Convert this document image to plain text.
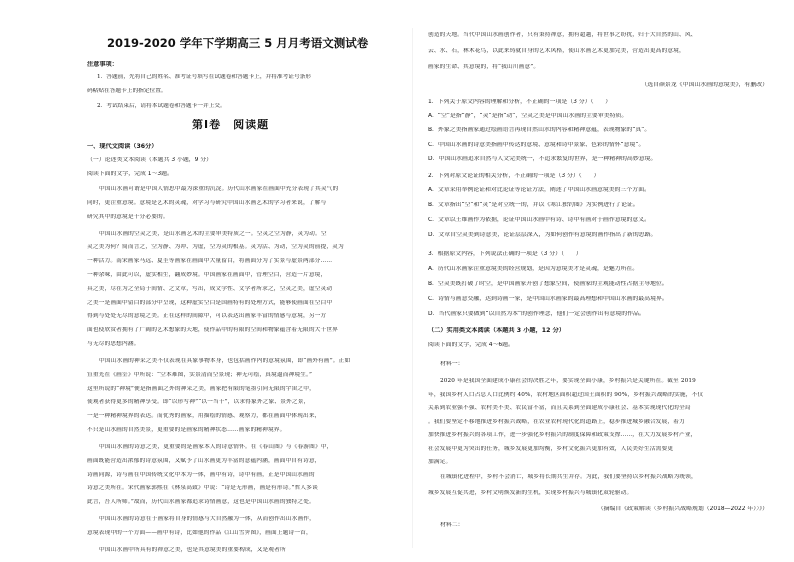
2019-2020 学年下学期高三 5 月月考语文测试卷
注意事项：
1．答题前，先将自己的姓名、准考证号填写在试题卷和答题卡上，并将准考证号条形
码粘贴在答题卡上的指定位置。
2．考试结束后，请将本试题卷和答题卡一并上交。
第Ⅰ卷　阅读题
一、现代文阅读（36分）
（一）论述类文本阅读（本题共 3 小题，9 分）
阅读下面的文字，完成 1～3题。
中国山水画可谓是中国人情思中最为深重的沉淀。历代山水画家在画面中充分表现了其灵气的
同时，更注重意境。意境是艺术的灵魂，对学习与研究中国山水画艺术的学习者来说，了解与
研究其中的意境是十分必要的。
中国山水画的空灵之美，是山水画艺术的主要审美特质之一。空灵之空为静，灵为动。空
灵之美为何？简而言之，空为静、为冲、为虚，空为灵的根基。灵为活、为动，空为灵的前提，灵为
一种活力。南宋画家马远、夏圭等画家在画面中大量留白，将画面分为了实景与虚景两部分……
一种余味，由此可以，虚实相生，翻成妙境。中国画家在画面中，管理空白，营造一片意境，
具之美，尽在为之全局于间情、之文章，写出，成文学性、文学者所求之，空灵之美，虚空灵动
之美一是画面中留白的部分中呈现，这种虚实空白是国画特有的处理方式，能够使画面在空白中
得到与处处无尽的意境之美。正在这样的间隙中，可以表达出画家丰富的情感与意境，另一方
面也使欣赏者拥有了广阔的艺术想象的天地，使作品中的有限的空间和物象蕴含着无限的大千世界
与无尽的思想内涵。
中国山水画的神采之美不仅表现在具象事物本身，也包括画作内的意境氛围，即“画外有画”。正如
笪重光在《画筌》中所说：“空本难图，实景清而空景现；神无可绘，真境逼而神境生。”
这里所说的“神境”便是指画面之外的神采之美，画家把有限的笔墨引向无限的宇宙之中，
使观者获得更多的精神享受。即“以形写神”“以一当十”，以求得象外之象、景外之景，
一是一种精神境界的表达。而优秀的画家，用描绘的情感、观察力，都在画面中体现出来，
不只是山水画的自然美景，更重要的是画家的精神状态……画家的精神境界。
中国山水画的诗意之美，更重要的是画家本人的诗意情怀。在《春山图》与《春游图》中，
画面既能营造出浓郁的诗意氛围，又赋予了山水画更为丰富的意蕴内涵，画面中自有诗意，
诗画同源，诗与画在中国传统文化中本为一体，画中有诗，诗中有画，正是中国山水画的
诗意之美所在。宋代画家郭熙在《林泉高致》中说：“诗是无形画，画是有形诗。”哲人多谈
此言，吾人所师。”故而，历代山水画家都追求诗情画意，这也是中国山水画的独特之处。
中国山水画的诗意在于画家将自身的情感与大自然融为一体，从而创作出山水画作，
意境表现中的一个方面——画中有诗，比如他的作品《江山雪霁图》，画面上题诗一首，
中国山水画中所具有的禅意之美，也是其意境美的重要构成，又是观者所
创造的天地。当代中国山水画创作者，只有秉持禅意，拥有超越，将世事之纷扰，归于大自然的山、风、
云、水、石，林木花鸟，以此来铸就自身的艺术风格，使山水画艺术更加完美，营造出更高的意境，
画家的生命、其意境的，将“我山川画意”。
（选自颜景龙《中国山水画的意境美》，有删改）
1．下列关于原文内容的理解和分析，不正确的一项是（3 分）（　　）
A．“空”是指“静”，“灵”是指“动”，空灵之美是中国山水画的主要审美特质。
B．外象之美指画家通过绘画语言再现自然山水的内容和精神意蕴，表现物象的“真”。
C．中国山水画的诗意美指画中传达的意境、意境和诗中景象、色彩的情怀“意境”。
D．中国山水画追求自然与人文完美统一，不追求繁复的世界，是一种精神的高妙意境。
2．下列对原文论证的相关分析，不正确的一项是（3 分）（　　）
A．文章采用举例论证和对比论证等论证方法，阐述了中国山水画意境美的三个方面。
B．文章指出“空”和“灵”是对立统一的，并以《寒江独钓图》为实例进行了论证。
C．文章以王维画作为依据，论证中国山水画中有诗、诗中有画对于画作意境的意义。
D．文章自空灵美到诗意美，论证层层深入，为如何创作有意境的画作指出了新的思路。
3．根据原文内容，下列说法正确的一项是（3 分）（　　）
A．历代山水画家注重意境美的经营规划，是因为意境美才是灵魂，是魅力所在。
B．空灵美既打破了时空，是中国画家开创了想象空间，使画家的主观能动性占据主导地位。
C．诗情与画意交融，达到诗画一家，是中国山水画家的最高理想和中国山水画的最高境界。
D．当代画家只要做到“以自然为本”的创作理念，他们一定会创作出有意境的作品。
（二）实用类文本阅读（本题共 3 小题，12 分）
阅读下面的文字，完成 4～6题。
材料一：
2020 年是我国全面建成小康社会的决胜之年，要实现全面小康，乡村振兴是关键所在。截至 2019
年，我国乡村人口占总人口比例约 40%，农村地区面积超过国土面积的 90%，乡村振兴战略的实施，不仅
关系到农业强不强、农村美不美、农民富不富，而且关系到全面建成小康社会、基本实现现代化的全局
。我们要坚定不移地推进乡村振兴战略，在农业农村现代化的道路上，稳步推进城乡融合发展，着力
加快推进乡村振兴的各项工作，进一步强化乡村振兴的制度保障和政策支撑……，在大力发展乡村产业，
社会发展中更为突出的任务，城乡发展更加均衡，乡村文化振兴更加有效，人民美好生活需要更
加满足。
在城镇化进程中，乡村不会消亡，城乡将长期共生并存。为此，我们要坚持以乡村振兴战略为统领，
城乡发展互促共进，乡村文明焕发新的生机，实现乡村振兴与城镇化双轮驱动。
（摘编自《政策解读〈乡村振兴战略规划（2018—2022 年）〉》）
材料二：
